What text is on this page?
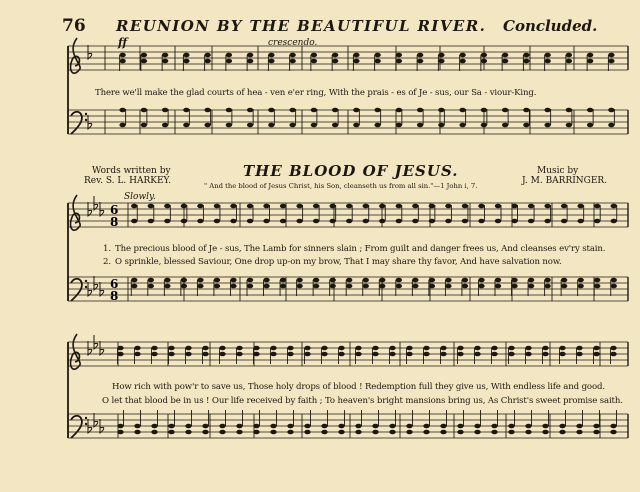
6
8
6
8
76 REUNION BY THE BEAUTIFUL RIVER. Concluded.
ff	crescendo.
There we'll make the glad courts of hea - ven e'er ring, With the prais - es of Je - sus, our Sa - viour-King.
Words written by
Rev. S. L. HARKEY.
THE BLOOD OF JESUS.	Music by
J. M. BARRINGER.
" And the blood of Jesus Christ, his Son, cleanseth us from all sin."—1 John i, 7.
Slowly.
1. The precious blood of Je - sus, The Lamb for sinners slain ; From guilt and danger frees us, And cleanses ev'ry stain.
2. O sprinkle, blessed Saviour, One drop up-on my brow, That I may share thy favor, And have salvation now.
How rich with pow'r to save us, Those holy drops of blood ! Redemption full they give us, With endless life and good.
O let that blood be in us ! Our life received by faith ; To heaven's bright mansions bring us, As Christ's sweet promise saith.
